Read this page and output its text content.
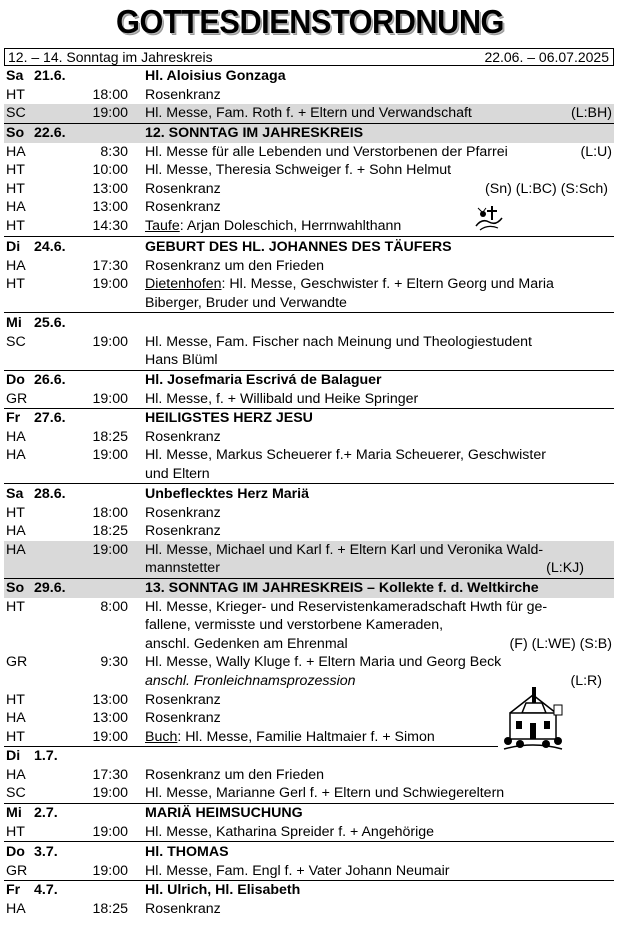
GOTTESDIENSTORDNUNG
12. – 14. Sonntag im Jahreskreis	22.06. – 06.07.2025
Sa 21.6.	Hl. Aloisius Gonzaga
HT	18:00 Rosenkranz
SC	19:00 Hl. Messe, Fam. Roth f. + Eltern und Verwandschaft	(L:BH)
So 22.6.	12. SONNTAG IM JAHRESKREIS
HA	8:30 Hl. Messe für alle Lebenden und Verstorbenen der Pfarrei	(L:U)
HT	10:00 Hl. Messe, Theresia Schweiger f. + Sohn Helmut
HT	13:00 Rosenkranz	(Sn) (L:BC) (S:Sch)
HA	13:00 Rosenkranz
HT	14:30 Taufe: Arjan Doleschich, Herrnwahlthann
Di 24.6.	GEBURT DES HL. JOHANNES DES TÄUFERS
HA	17:30 Rosenkranz um den Frieden
HT	19:00 Dietenhofen: Hl. Messe, Geschwister f. + Eltern Georg und Maria
Biberger, Bruder und Verwandte
Mi 25.6.
SC	19:00 Hl. Messe, Fam. Fischer nach Meinung und Theologiestudent
Hans Blüml
Do 26.6.	Hl. Josefmaria Escrivá de Balaguer
GR	19:00 Hl. Messe, f. + Willibald und Heike Springer
Fr 27.6.	HEILIGSTES HERZ JESU
HA	18:25 Rosenkranz
HA	19:00 Hl. Messe, Markus Scheuerer f.+ Maria Scheuerer, Geschwister
und Eltern
Sa 28.6.	Unbeflecktes Herz Mariä
HT	18:00 Rosenkranz
HA	18:25 Rosenkranz
HA	19:00 Hl. Messe, Michael und Karl f. + Eltern Karl und Veronika Wald-
mannstetter	(L:KJ)
So 29.6.	13. SONNTAG IM JAHRESKREIS – Kollekte f. d. Weltkirche
HT	8:00 Hl. Messe, Krieger- und Reservistenkameradschaft Hwth für ge-
fallene, vermisste und verstorbene Kameraden,
anschl. Gedenken am Ehrenmal	(F) (L:WE) (S:B)
GR	9:30 Hl. Messe, Wally Kluge f. + Eltern Maria und Georg Beck
anschl. Fronleichnamsprozession	(L:R)
HT	13:00 Rosenkranz
HA	13:00 Rosenkranz
HT	19:00 Buch: Hl. Messe, Familie Haltmaier f. + Simon
Di 1.7.
HA	17:30 Rosenkranz um den Frieden
SC	19:00 Hl. Messe, Marianne Gerl f. + Eltern und Schwiegereltern
Mi 2.7.	MARIÄ HEIMSUCHUNG
HT	19:00 Hl. Messe, Katharina Spreider f. + Angehörige
Do 3.7.	Hl. THOMAS
GR	19:00 Hl. Messe, Fam. Engl f. + Vater Johann Neumair
Fr 4.7.	Hl. Ulrich, Hl. Elisabeth
HA	18:25 Rosenkranz
